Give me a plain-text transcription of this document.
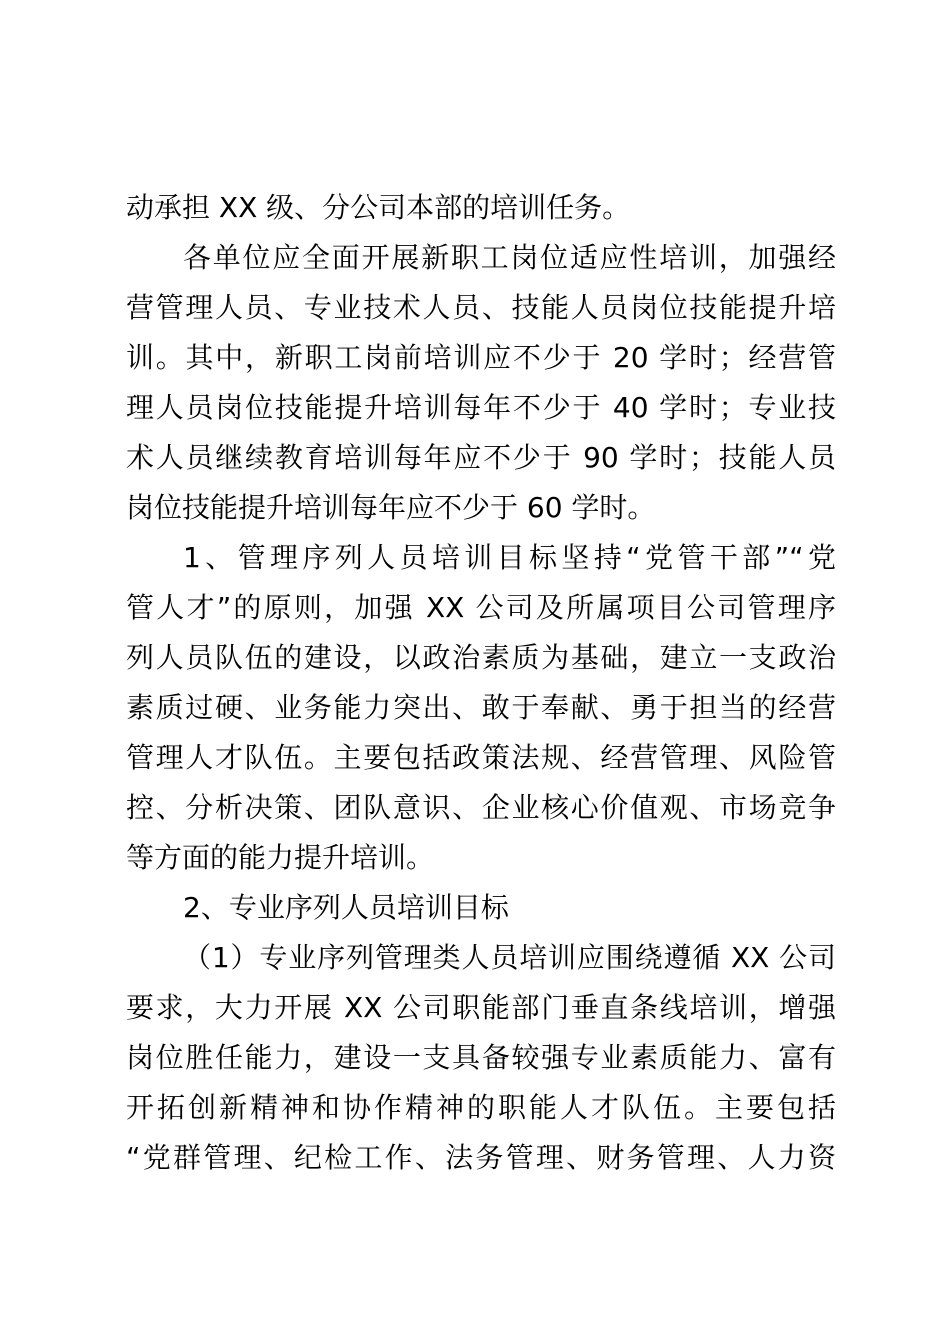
动承担 XX 级、分公司本部的培训任务。
各单位应全面开展新职工岗位适应性培训，加强经
营管理人员、专业技术人员、技能人员岗位技能提升培
训。其中，新职工岗前培训应不少于 20 学时；经营管
理人员岗位技能提升培训每年不少于 40 学时；专业技
术人员继续教育培训每年应不少于 90 学时；技能人员
岗位技能提升培训每年应不少于 60 学时。
1、管理序列人员培训目标坚持“党管干部”“党
管人才”的原则，加强 XX 公司及所属项目公司管理序
列人员队伍的建设，以政治素质为基础，建立一支政治
素质过硬、业务能力突出、敢于奉献、勇于担当的经营
管理人才队伍。主要包括政策法规、经营管理、风险管
控、分析决策、团队意识、企业核心价值观、市场竞争
等方面的能力提升培训。
2、专业序列人员培训目标
（1）专业序列管理类人员培训应围绕遵循 XX 公司
要求，大力开展 XX 公司职能部门垂直条线培训，增强
岗位胜任能力，建设一支具备较强专业素质能力、富有
开拓创新精神和协作精神的职能人才队伍。主要包括
“党群管理、纪检工作、法务管理、财务管理、人力资
